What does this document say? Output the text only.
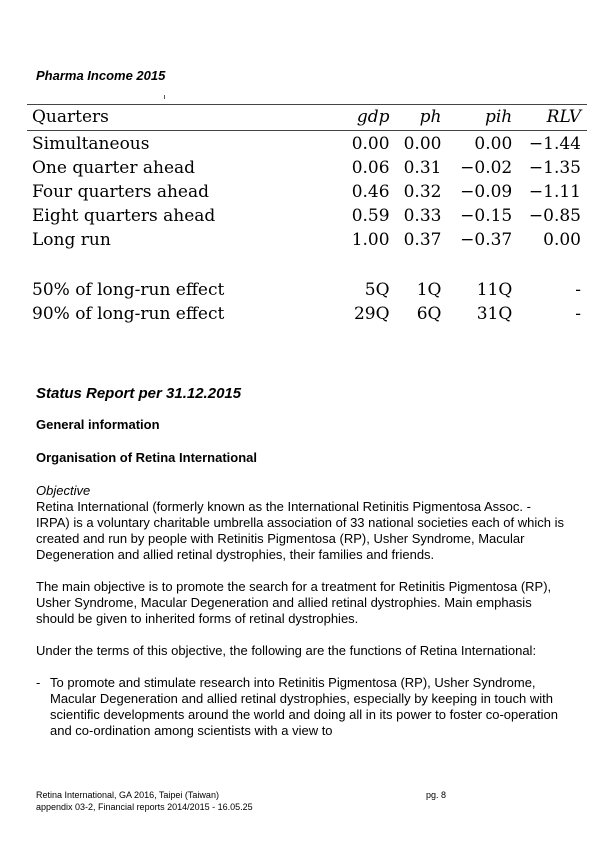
Pharma Income 2015
Quarters	gdp	ph	pih	RLV
Simultaneous	0.00	0.00	0.00	−1.44
One quarter ahead	0.06	0.31	−0.02	−1.35
Four quarters ahead	0.46	0.32	−0.09	−1.11
Eight quarters ahead	0.59	0.33	−0.15	−0.85
Long run	1.00	0.37	−0.37	0.00

50% of long-run effect	5Q	1Q	11Q	-
90% of long-run effect	29Q	6Q	31Q	-
Status Report per 31.12.2015
General information
Organisation of Retina International
Objective

Retina International (formerly known as the International Retinitis Pigmentosa Assoc. - IRPA) is a voluntary charitable umbrella association of 33 national societies each of which is created and run by people with Retinitis Pigmentosa (RP), Usher Syndrome, Macular Degeneration and allied retinal dystrophies, their families and friends.

The main objective is to promote the search for a treatment for Retinitis Pigmentosa (RP), Usher Syndrome, Macular Degeneration and allied retinal dystrophies. Main emphasis should be given to inherited forms of retinal dystrophies.

Under the terms of this objective, the following are the functions of Retina International:

- To promote and stimulate research into Retinitis Pigmentosa (RP), Usher Syndrome, Macular Degeneration and allied retinal dystrophies, especially by keeping in touch with scientific developments around the world and doing all in its power to foster co-operation and co-ordination among scientists with a view to
Retina International, GA 2016, Taipei (Taiwan)
appendix 03-2, Financial reports 2014/2015 - 16.05.25
pg. 8
